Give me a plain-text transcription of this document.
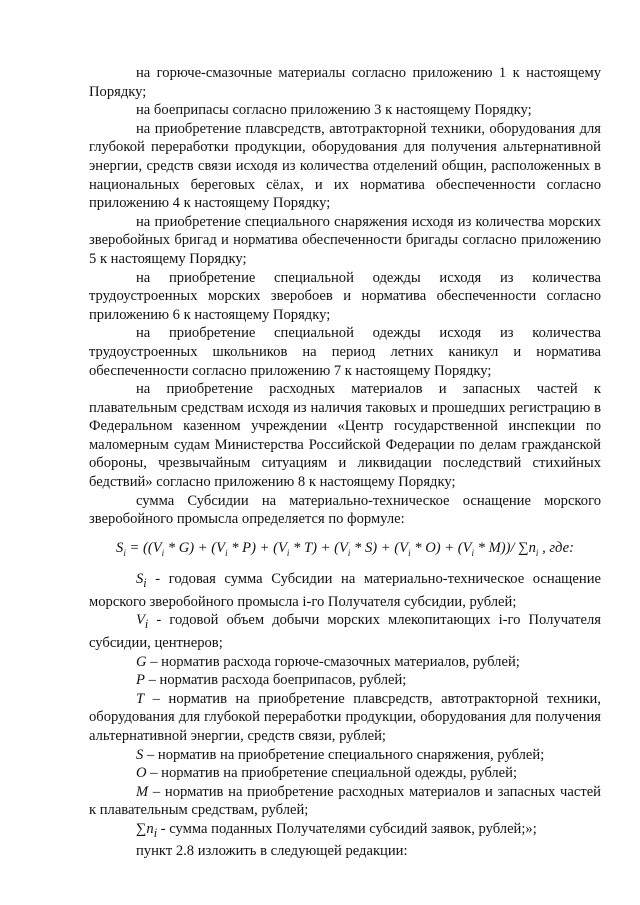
на горюче-смазочные материалы согласно приложению 1 к настоящему Порядку;

на боеприпасы согласно приложению 3 к настоящему Порядку;

на приобретение плавсредств, автотракторной техники, оборудования для глубокой переработки продукции, оборудования для получения альтернативной энергии, средств связи исходя из количества отделений общин, расположенных в национальных береговых сёлах, и их норматива обеспеченности согласно приложению 4 к настоящему Порядку;

на приобретение специального снаряжения исходя из количества морских зверобойных бригад и норматива обеспеченности бригады согласно приложению 5 к настоящему Порядку;

на приобретение специальной одежды исходя из количества трудоустроенных морских зверобоев и норматива обеспеченности согласно приложению 6 к настоящему Порядку;

на приобретение специальной одежды исходя из количества трудоустроенных школьников на период летних каникул и норматива обеспеченности согласно приложению 7 к настоящему Порядку;

на приобретение расходных материалов и запасных частей к плавательным средствам исходя из наличия таковых и прошедших регистрацию в Федеральном казенном учреждении «Центр государственной инспекции по маломерным судам Министерства Российской Федерации по делам гражданской обороны, чрезвычайным ситуациям и ликвидации последствий стихийных бедствий» согласно приложению 8 к настоящему Порядку;

сумма Субсидии на материально-техническое оснащение морского зверобойного промысла определяется по формуле:

$S_i = ((V_i * G) + (V_i * P) + (V_i * T) + (V_i * S) + (V_i * O) + (V_i * M))/$ $\sum n_i$ , где:

$S_i$ - годовая сумма Субсидии на материально-техническое оснащение морского зверобойного промысла i-го Получателя субсидии, рублей;

$V_i$ - годовой объем добычи морских млекопитающих i-го Получателя субсидии, центнеров;

G – норматив расхода горюче-смазочных материалов, рублей;

P – норматив расхода боеприпасов, рублей;

T – норматив на приобретение плавсредств, автотракторной техники, оборудования для глубокой переработки продукции, оборудования для получения альтернативной энергии, средств связи, рублей;

S – норматив на приобретение специального снаряжения, рублей;

O – норматив на приобретение специальной одежды, рублей;

M – норматив на приобретение расходных материалов и запасных частей к плавательным средствам, рублей;

$\sum n_i$ - сумма поданных Получателями субсидий заявок, рублей;»;

пункт 2.8 изложить в следующей редакции:
